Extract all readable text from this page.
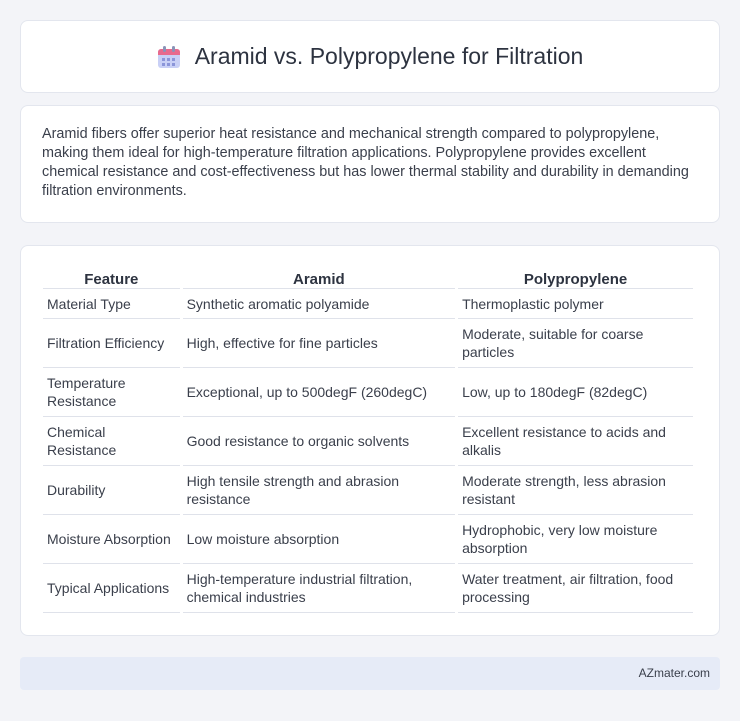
Aramid vs. Polypropylene for Filtration

Aramid fibers offer superior heat resistance and mechanical strength compared to polypropylene, making them ideal for high-temperature filtration applications. Polypropylene provides excellent chemical resistance and cost-effectiveness but has lower thermal stability and durability in demanding filtration environments.

Feature	Aramid	Polypropylene
Material Type	Synthetic aromatic polyamide	Thermoplastic polymer
Filtration Efficiency	High, effective for fine particles	Moderate, suitable for coarse particles
Temperature Resistance	Exceptional, up to 500degF (260degC)	Low, up to 180degF (82degC)
Chemical Resistance	Good resistance to organic solvents	Excellent resistance to acids and alkalis
Durability	High tensile strength and abrasion resistance	Moderate strength, less abrasion resistant
Moisture Absorption	Low moisture absorption	Hydrophobic, very low moisture absorption
Typical Applications	High-temperature industrial filtration, chemical industries	Water treatment, air filtration, food processing
AZmater.com
